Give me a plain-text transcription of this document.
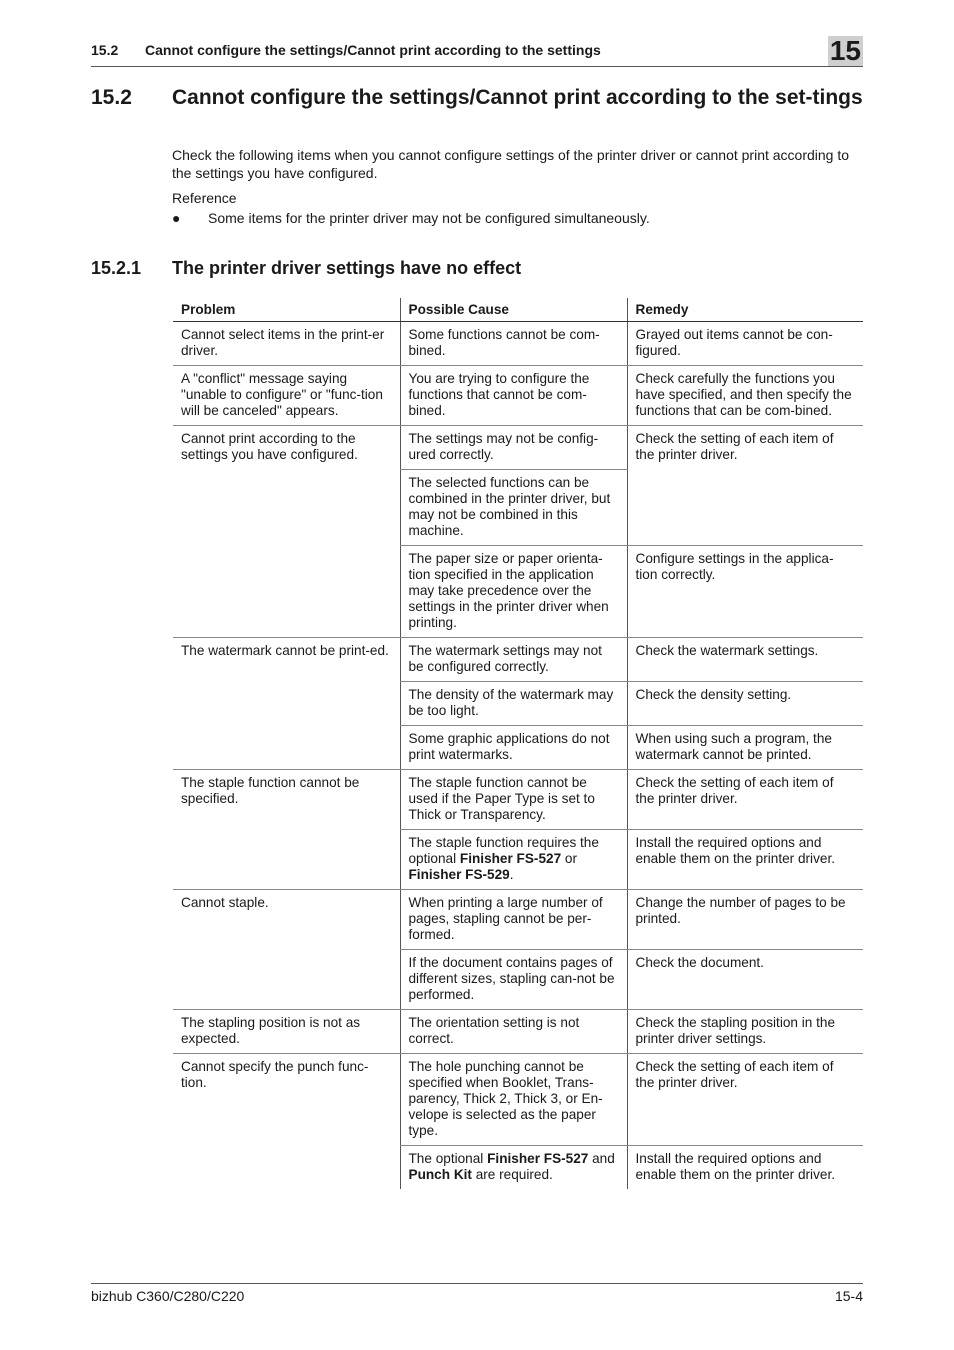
15.2 Cannot configure the settings/Cannot print according to the settings	15
15.2 Cannot configure the settings/Cannot print according to the set-tings
Check the following items when you cannot configure settings of the printer driver or cannot print according to the settings you have configured.
Reference
● Some items for the printer driver may not be configured simultaneously.
15.2.1 The printer driver settings have no effect
Problem	Possible Cause	Remedy
Cannot select items in the print-er driver.	Some functions cannot be com-bined.	Grayed out items cannot be con-figured.
A "conflict" message saying "unable to configure" or "func-tion will be canceled" appears.	You are trying to configure the functions that cannot be com-bined.	Check carefully the functions you have specified, and then specify the functions that can be com-bined.
Cannot print according to the settings you have configured.	The settings may not be config-ured correctly.	Check the setting of each item of the printer driver.
	The selected functions can be combined in the printer driver, but may not be combined in this machine.	
	The paper size or paper orienta-tion specified in the application may take precedence over the settings in the printer driver when printing.	Configure settings in the applica-tion correctly.
The watermark cannot be print-ed.	The watermark settings may not be configured correctly.	Check the watermark settings.
	The density of the watermark may be too light.	Check the density setting.
	Some graphic applications do not print watermarks.	When using such a program, the watermark cannot be printed.
The staple function cannot be specified.	The staple function cannot be used if the Paper Type is set to Thick or Transparency.	Check the setting of each item of the printer driver.
	The staple function requires the optional Finisher FS-527 or Finisher FS-529.	Install the required options and enable them on the printer driver.
Cannot staple.	When printing a large number of pages, stapling cannot be per-formed.	Change the number of pages to be printed.
	If the document contains pages of different sizes, stapling can-not be performed.	Check the document.
The stapling position is not as expected.	The orientation setting is not correct.	Check the stapling position in the printer driver settings.
Cannot specify the punch func-tion.	The hole punching cannot be specified when Booklet, Trans-parency, Thick 2, Thick 3, or En-velope is selected as the paper type.	Check the setting of each item of the printer driver.
	The optional Finisher FS-527 and Punch Kit are required.	Install the required options and enable them on the printer driver.
bizhub C360/C280/C220	15-4
